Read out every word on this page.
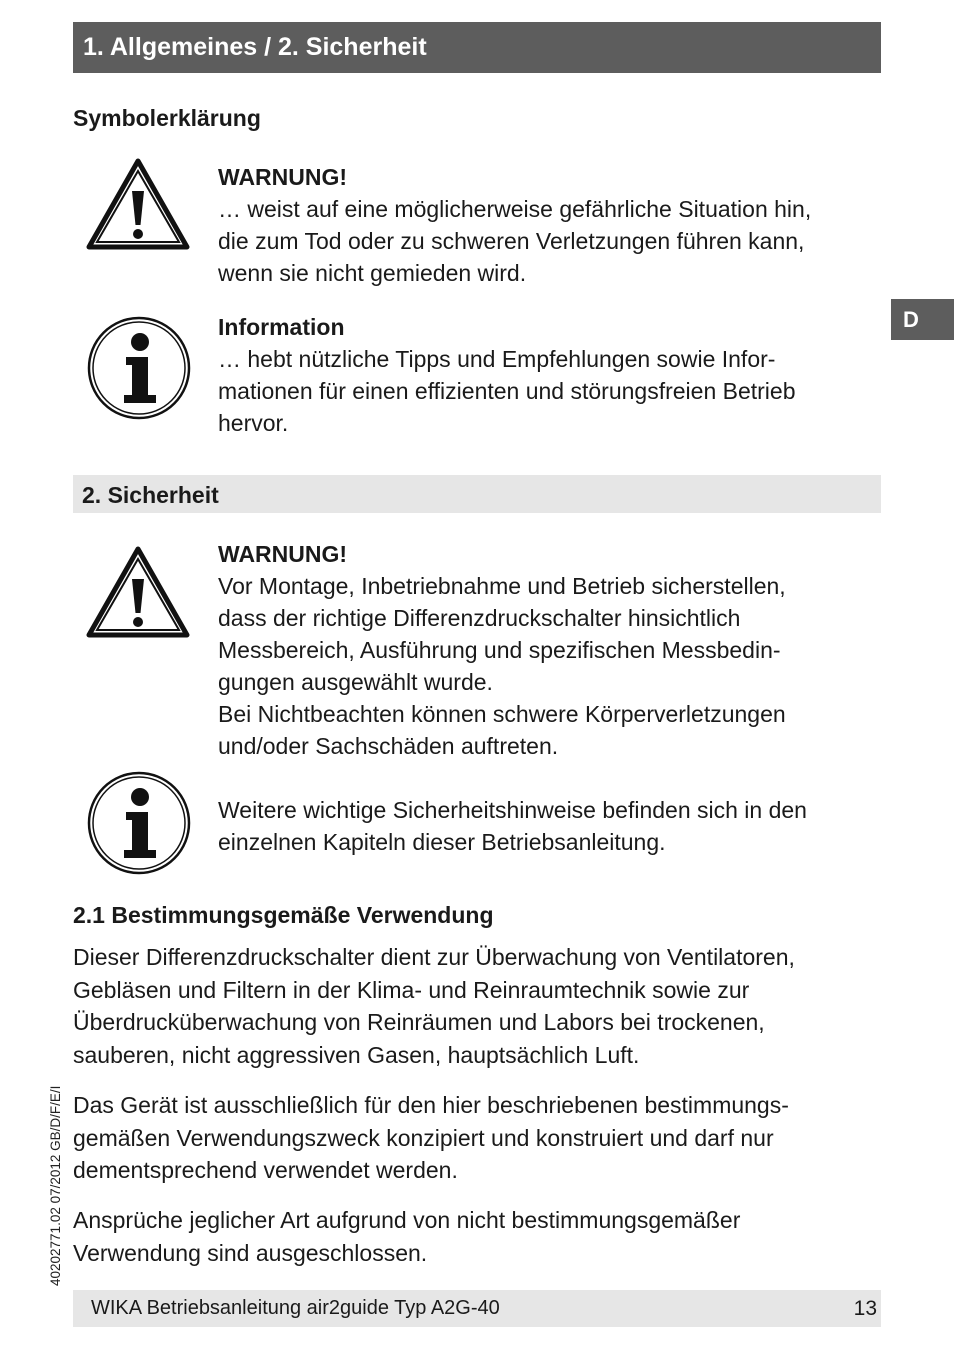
1. Allgemeines / 2. Sicherheit
D
Symbolerklärung
WARNUNG!
… weist auf eine möglicherweise gefährliche Situation hin,
die zum Tod oder zu schweren Verletzungen führen kann,
wenn sie nicht gemieden wird.
Information
… hebt nützliche Tipps und Empfehlungen sowie Infor-
mationen für einen effizienten und störungsfreien Betrieb
hervor.
2. Sicherheit
WARNUNG!
Vor Montage, Inbetriebnahme und Betrieb sicherstellen,
dass der richtige Differenzdruckschalter hinsichtlich
Messbereich, Ausführung und spezifischen Messbedin-
gungen ausgewählt wurde.
Bei Nichtbeachten können schwere Körperverletzungen
und/oder Sachschäden auftreten.
Weitere wichtige Sicherheitshinweise befinden sich in den
einzelnen Kapiteln dieser Betriebsanleitung.
2.1 Bestimmungsgemäße Verwendung
Dieser Differenzdruckschalter dient zur Überwachung von Ventilatoren,
Gebläsen und Filtern in der Klima- und Reinraumtechnik sowie zur
Überdrucküberwachung von Reinräumen und Labors bei trockenen,
sauberen, nicht aggressiven Gasen, hauptsächlich Luft.
Das Gerät ist ausschließlich für den hier beschriebenen bestimmungs-
gemäßen Verwendungszweck konzipiert und konstruiert und darf nur
dementsprechend verwendet werden.
Ansprüche jeglicher Art aufgrund von nicht bestimmungsgemäßer
Verwendung sind ausgeschlossen.
40202771.02 07/2012 GB/D/F/E/I
WIKA Betriebsanleitung air2guide Typ A2G-40	13
